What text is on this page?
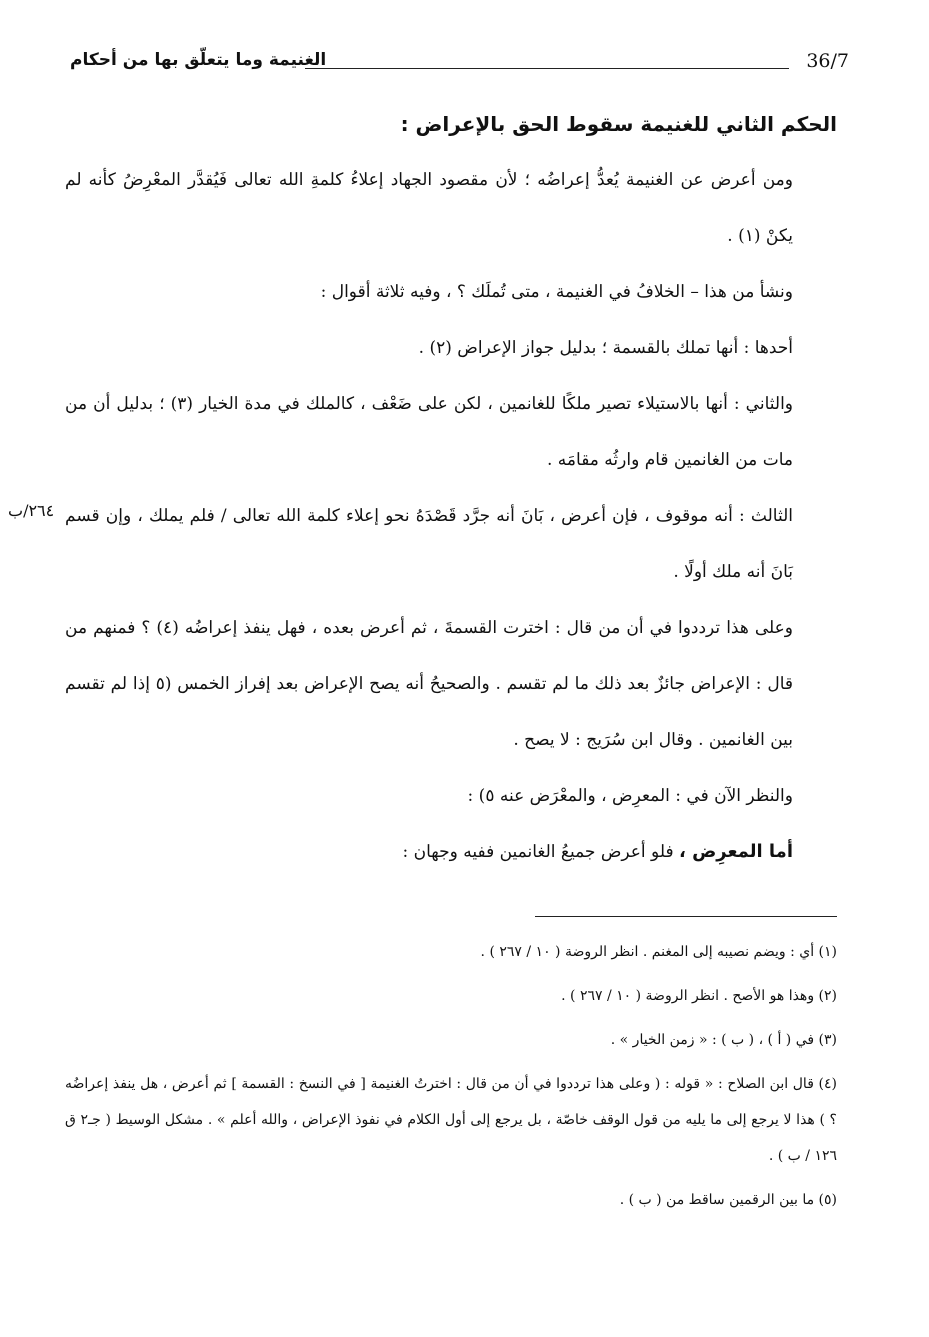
الغنيمة وما يتعلّق بها من أحكام	36/7
٢٦٤/ب
الحكم الثاني للغنيمة سقوط الحق بالإعراض :

ومن أعرض عن الغنيمة يُعدُّ إعراضُه ؛ لأن مقصود الجهاد إعلاءُ كلمةِ الله تعالى فَيُقدَّر المعْرِضُ كأنه لم يكنْ (١) .

ونشأ من هذا – الخلافُ في الغنيمة ، متى تُملَك ؟ ، وفيه ثلاثة أقوال :

أحدها : أنها تملك بالقسمة ؛ بدليل جواز الإعراض (٢) .

والثاني : أنها بالاستيلاء تصير ملكًا للغانمين ، لكن على ضَعْف ، كالملك في مدة الخيار (٣) ؛ بدليل أن من مات من الغانمين قام وارثُه مقامَه .

الثالث : أنه موقوف ، فإن أعرض ، بَانَ أنه جرَّد قَصْدَهُ نحو إعلاء كلمة الله تعالى / فلم يملك ، وإن قسم بَانَ أنه ملك أولًا .

وعلى هذا ترددوا في أن من قال : اخترت القسمةَ ، ثم أعرض بعده ، فهل ينفذ إعراضُه (٤) ؟ فمنهم من قال : الإعراض جائزٌ بعد ذلك ما لم تقسم . والصحيحُ أنه يصح الإعراض بعد إفراز الخمس (٥ إذا لم تقسم بين الغانمين . وقال ابن سُرَيج : لا يصح .

والنظر الآن في : المعرِض ، والمعْرَض عنه ٥) :

أما المعرِض ، فلو أعرض جميعُ الغانمين ففيه وجهان :

(١) أي : ويضم نصيبه إلى المغنم . انظر الروضة ( ١٠ / ٢٦٧ ) .

(٢) وهذا هو الأصح . انظر الروضة ( ١٠ / ٢٦٧ ) .

(٣) في ( أ ) ، ( ب ) : « زمن الخيار » .

(٤) قال ابن الصلاح : « قوله : ( وعلى هذا ترددوا في أن من قال : اخترتُ الغنيمة [ في النسخ : القسمة ] ثم أعرض ، هل ينفذ إعراضُه ؟ ) هذا لا يرجع إلى ما يليه من قول الوقف خاصّة ، بل يرجع إلى أول الكلام في نفوذ الإعراض ، والله أعلم » . مشكل الوسيط ( جـ٢ ق ١٢٦ / ب ) .

(٥) ما بين الرقمين ساقط من ( ب ) .
